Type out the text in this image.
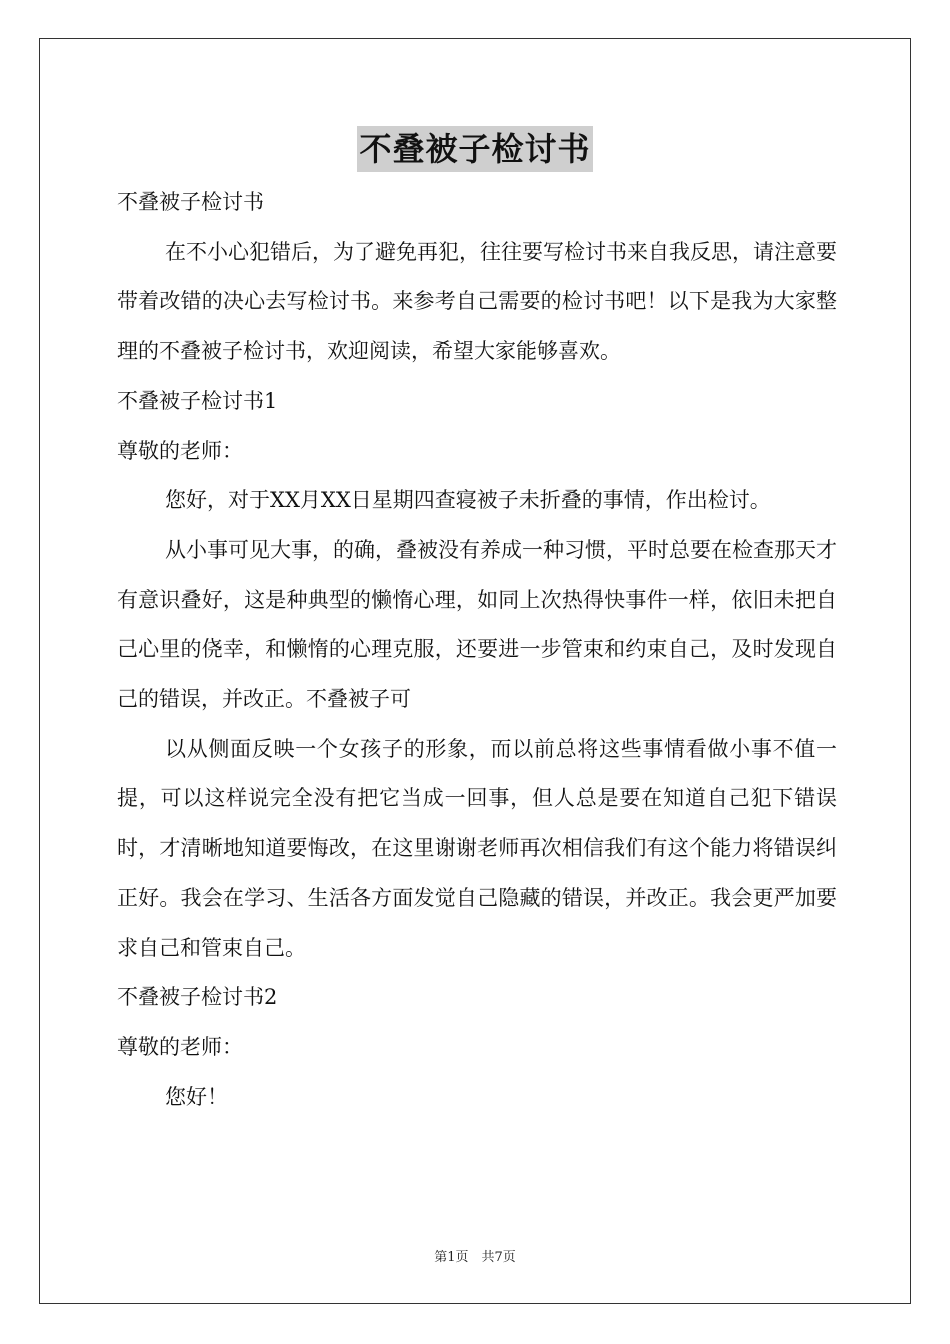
不叠被子检讨书

不叠被子检讨书

在不小心犯错后，为了避免再犯，往往要写检讨书来自我反思，请注意要带着改错的决心去写检讨书。来参考自己需要的检讨书吧！以下是我为大家整理的不叠被子检讨书，欢迎阅读，希望大家能够喜欢。

不叠被子检讨书1

尊敬的老师：

您好，对于XX月XX日星期四查寝被子未折叠的事情，作出检讨。

从小事可见大事，的确，叠被没有养成一种习惯，平时总要在检查那天才有意识叠好，这是种典型的懒惰心理，如同上次热得快事件一样，依旧未把自己心里的侥幸，和懒惰的心理克服，还要进一步管束和约束自己，及时发现自己的错误，并改正。不叠被子可

以从侧面反映一个女孩子的形象，而以前总将这些事情看做小事不值一提，可以这样说完全没有把它当成一回事，但人总是要在知道自己犯下错误时，才清晰地知道要悔改，在这里谢谢老师再次相信我们有这个能力将错误纠正好。我会在学习、生活各方面发觉自己隐藏的错误，并改正。我会更严加要求自己和管束自己。

不叠被子检讨书2

尊敬的老师：

您好！

第1页　共7页
